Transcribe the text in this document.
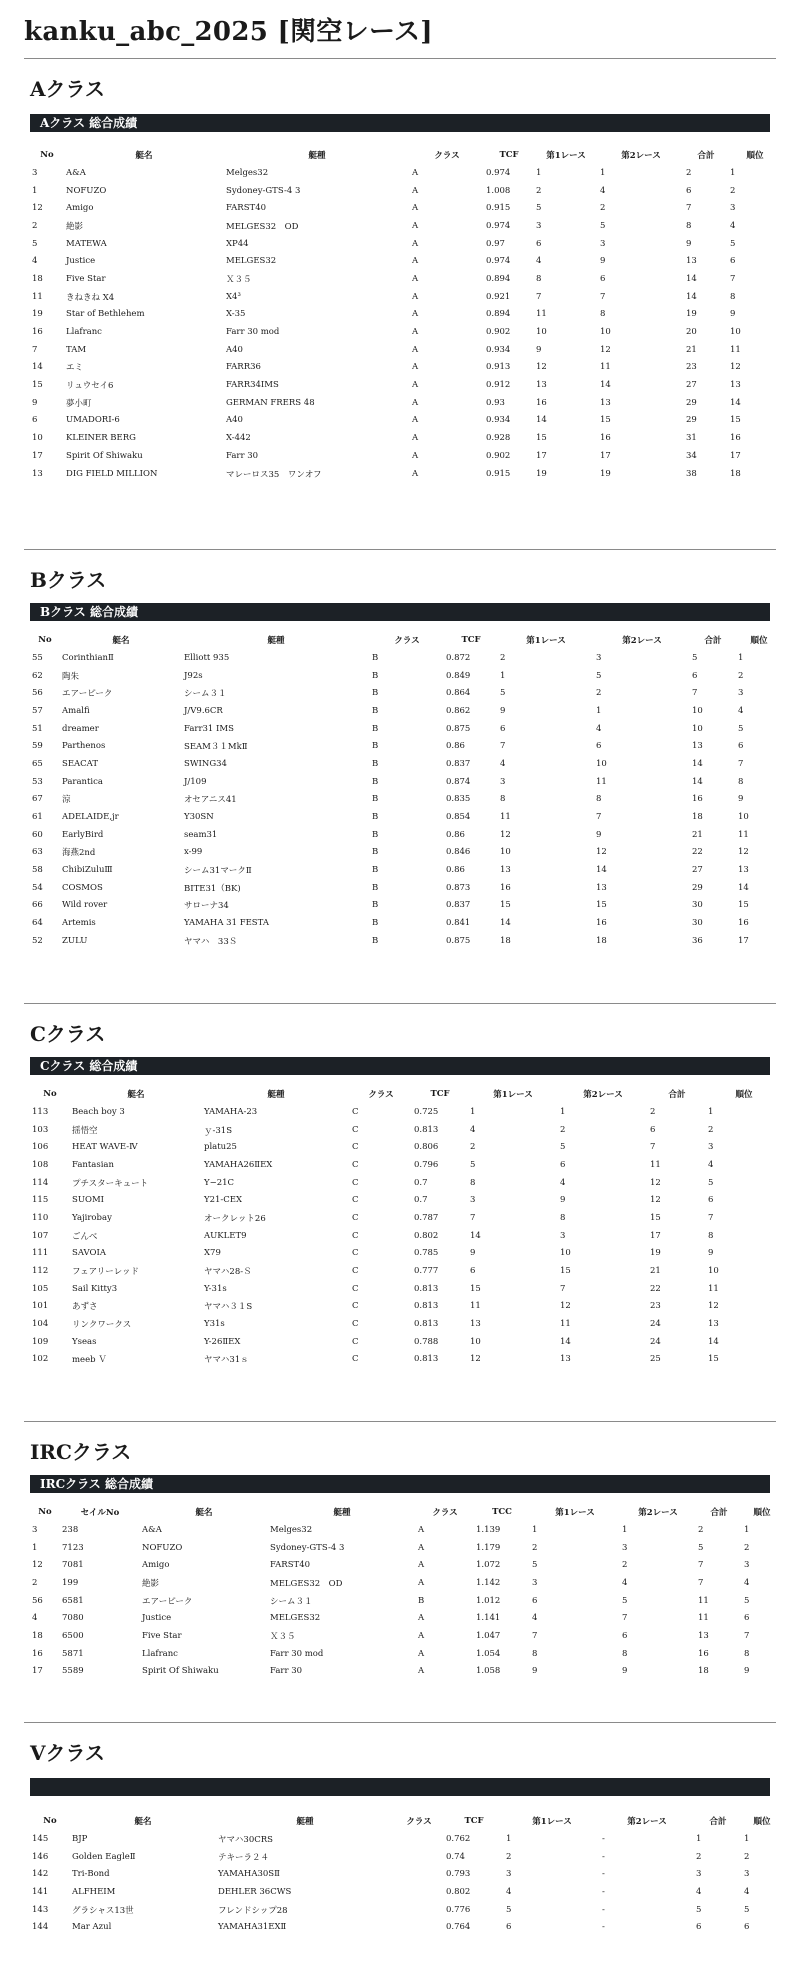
kanku_abc_2025 [関空レース]
Aクラス
Aクラス 総合成績
No	艇名	艇種	クラス	TCF	第1レース	第2レース	合計	順位
3	A&A	Melges32	A	0.974	1	1	2	1
1	NOFUZO	Sydoney-GTS-4 3	A	1.008	2	4	6	2
12	Amigo	FARST40	A	0.915	5	2	7	3
2	絶影	MELGES32　OD	A	0.974	3	5	8	4
5	MATEWA	XP44	A	0.97	6	3	9	5
4	Justice	MELGES32	A	0.974	4	9	13	6
18	Five Star	Ｘ３５	A	0.894	8	6	14	7
11	きねきね X4	X4³	A	0.921	7	7	14	8
19	Star of Bethlehem	X-35	A	0.894	11	8	19	9
16	Llafranc	Farr 30 mod	A	0.902	10	10	20	10
7	TAM	A40	A	0.934	9	12	21	11
14	エミ	FARR36	A	0.913	12	11	23	12
15	リュウセイ6	FARR34IMS	A	0.912	13	14	27	13
9	夢小町	GERMAN FRERS 48	A	0.93	16	13	29	14
6	UMADORI-6	A40	A	0.934	14	15	29	15
10	KLEINER BERG	X-442	A	0.928	15	16	31	16
17	Spirit Of Shiwaku	Farr 30	A	0.902	17	17	34	17
13	DIG FIELD MILLION	マレーロス35　ワンオフ	A	0.915	19	19	38	18
Bクラス
Bクラス 総合成績
No	艇名	艇種	クラス	TCF	第1レース	第2レース	合計	順位
55	CorinthianⅡ	Elliott 935	B	0.872	2	3	5	1
62	陶朱	J92s	B	0.849	1	5	6	2
56	エアーピーク	シーム３１	B	0.864	5	2	7	3
57	Amalfi	J/V9.6CR	B	0.862	9	1	10	4
51	dreamer	Farr31 IMS	B	0.875	6	4	10	5
59	Parthenos	SEAM３１MkⅡ	B	0.86	7	6	13	6
65	SEACAT	SWING34	B	0.837	4	10	14	7
53	Parantica	J/109	B	0.874	3	11	14	8
67	涼	オセアニス41	B	0.835	8	8	16	9
61	ADELAIDE,jr	Y30SN	B	0.854	11	7	18	10
60	EarlyBird	seam31	B	0.86	12	9	21	11
63	海燕2nd	x-99	B	0.846	10	12	22	12
58	ChibiZuluⅢ	シーム31マークⅡ	B	0.86	13	14	27	13
54	COSMOS	BITE31（BK)	B	0.873	16	13	29	14
66	Wild rover	サローナ34	B	0.837	15	15	30	15
64	Artemis	YAMAHA 31 FESTA	B	0.841	14	16	30	16
52	ZULU	ヤマハ　33Ｓ	B	0.875	18	18	36	17
Cクラス
Cクラス 総合成績
No	艇名	艇種	クラス	TCF	第1レース	第2レース	合計	順位
113	Beach boy 3	YAMAHA-23	C	0.725	1	1	2	1
103	揺悟空	ｙ-31S	C	0.813	4	2	6	2
106	HEAT WAVE-Ⅳ	platu25	C	0.806	2	5	7	3
108	Fantasian	YAMAHA26ⅡEX	C	0.796	5	6	11	4
114	プチスターキュート	Y−21C	C	0.7	8	4	12	5
115	SUOMI	Y21-CEX	C	0.7	3	9	12	6
110	Yajirobay	オークレット26	C	0.787	7	8	15	7
107	ごんべ	AUKLET9	C	0.802	14	3	17	8
111	SAVOIA	X79	C	0.785	9	10	19	9
112	フェアリーレッド	ヤマハ28-Ｓ	C	0.777	6	15	21	10
105	Sail Kitty3	Y-31s	C	0.813	15	7	22	11
101	あずさ	ヤマハ３１S	C	0.813	11	12	23	12
104	リンクワークス	Y31s	C	0.813	13	11	24	13
109	Yseas	Y-26ⅡEX	C	0.788	10	14	24	14
102	meeb Ｖ	ヤマハ31ｓ	C	0.813	12	13	25	15
IRCクラス
IRCクラス 総合成績
No	セイルNo	艇名	艇種	クラス	TCC	第1レース	第2レース	合計	順位
3	238	A&A	Melges32	A	1.139	1	1	2	1
1	7123	NOFUZO	Sydoney-GTS-4 3	A	1.179	2	3	5	2
12	7081	Amigo	FARST40	A	1.072	5	2	7	3
2	199	絶影	MELGES32　OD	A	1.142	3	4	7	4
56	6581	エアーピーク	シーム３１	B	1.012	6	5	11	5
4	7080	Justice	MELGES32	A	1.141	4	7	11	6
18	6500	Five Star	Ｘ３５	A	1.047	7	6	13	7
16	5871	Llafranc	Farr 30 mod	A	1.054	8	8	16	8
17	5589	Spirit Of Shiwaku	Farr 30	A	1.058	9	9	18	9
Vクラス
No	艇名	艇種	クラス	TCF	第1レース	第2レース	合計	順位
145	BJP	ヤマハ30CRS		0.762	1	-	1	1
146	Golden EagleⅡ	テキーラ２４		0.74	2	-	2	2
142	Tri-Bond	YAMAHA30SⅡ		0.793	3	-	3	3
141	ALFHEIM	DEHLER 36CWS		0.802	4	-	4	4
143	グラシャス13世	フレンドシップ28		0.776	5	-	5	5
144	Mar Azul	YAMAHA31EXⅡ		0.764	6	-	6	6
